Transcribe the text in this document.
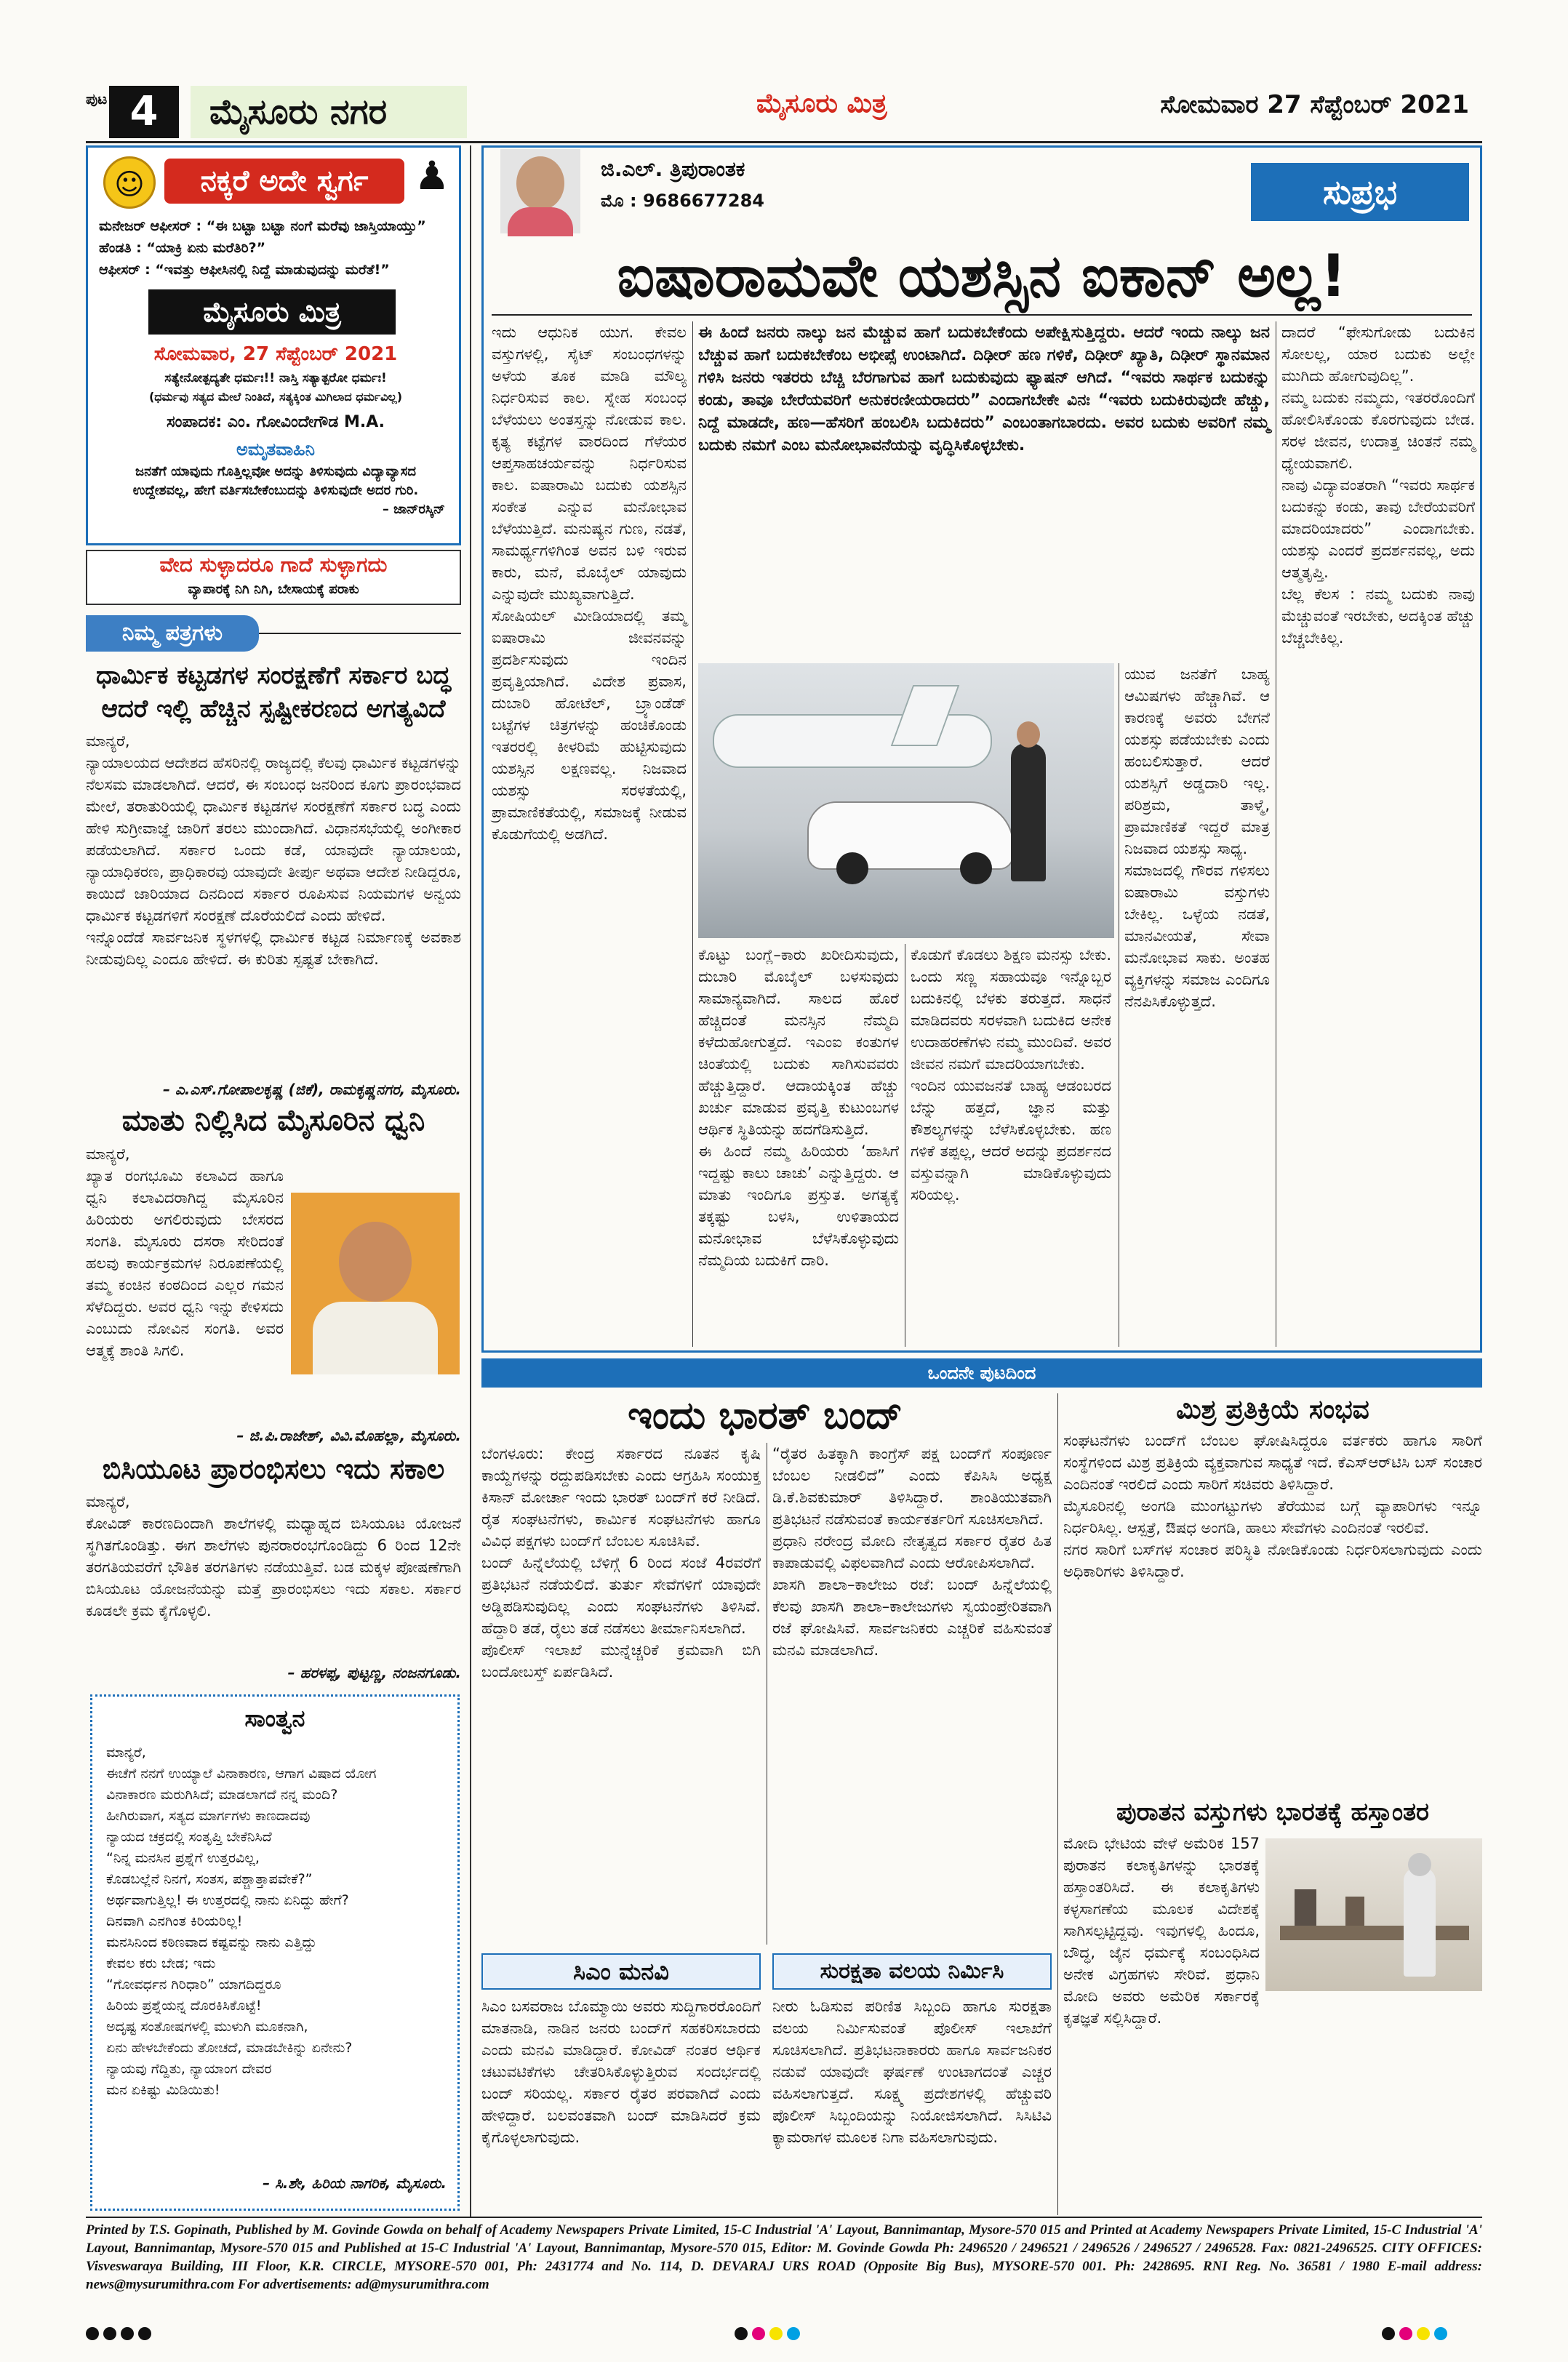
ಪುಟ 4	ಮೈಸೂರು ನಗರ	ಮೈಸೂರು ಮಿತ್ರ	ಸೋಮವಾರ 27 ಸೆಪ್ಟೆಂಬರ್ 2021
☺	ನಕ್ಕರೆ ಅದೇ ಸ್ವರ್ಗ	♟
ಮನೇಜರ್ ಆಫೀಸರ್ : “ಈ ಬಟ್ಟಾ ಬಟ್ಟಾ ನಂಗೆ ಮರೆವು ಜಾಸ್ತಿಯಾಯ್ತು”
ಹೆಂಡತಿ : “ಯಾಕ್ರಿ ಏನು ಮರೆತಿರಿ?”
ಆಫೀಸರ್ : “ಇವತ್ತು ಆಫೀಸಿನಲ್ಲಿ ನಿದ್ದೆ ಮಾಡುವುದನ್ನು ಮರೆತೆ!”
ಮೈಸೂರು ಮಿತ್ರ
ಸೋಮವಾರ, 27 ಸೆಪ್ಟೆಂಬರ್ 2021
ಸತ್ಯೇನೋತ್ಪದ್ಯತೇ ಧರ್ಮಃ!! ನಾಸ್ತಿ ಸತ್ಯಾತ್ಪರೋ ಧರ್ಮಃ!
(ಧರ್ಮವು ಸತ್ಯದ ಮೇಲೆ ನಿಂತಿದೆ, ಸತ್ಯಕ್ಕಿಂತ ಮಿಗಿಲಾದ ಧರ್ಮವಿಲ್ಲ)
ಸಂಪಾದಕ: ಎಂ. ಗೋವಿಂದೇಗೌಡ M.A.
ಅಮೃತವಾಹಿನಿ
ಜನತೆಗೆ ಯಾವುದು ಗೊತ್ತಿಲ್ಲವೋ ಅದನ್ನು ತಿಳಿಸುವುದು ವಿದ್ಯಾವ್ಯಾಸದ ಉದ್ದೇಶವಲ್ಲ, ಹೇಗೆ ವರ್ತಿಸಬೇಕೆಂಬುದನ್ನು ತಿಳಿಸುವುದೇ ಅದರ ಗುರಿ.
– ಜಾನ್‌ರಸ್ಕಿನ್
ವೇದ ಸುಳ್ಳಾದರೂ ಗಾದೆ ಸುಳ್ಳಾಗದು
ವ್ಯಾಪಾರಕ್ಕೆ ನಿಗಿ ನಿಗಿ, ಬೇಸಾಯಕ್ಕೆ ಪರಾಕು
ನಿಮ್ಮ ಪತ್ರಗಳು
ಧಾರ್ಮಿಕ ಕಟ್ಟಡಗಳ ಸಂರಕ್ಷಣೆಗೆ ಸರ್ಕಾರ ಬದ್ಧ ಆದರೆ ಇಲ್ಲಿ ಹೆಚ್ಚಿನ ಸ್ಪಷ್ಟೀಕರಣದ ಅಗತ್ಯವಿದೆ
ಮಾನ್ಯರೆ,
ನ್ಯಾಯಾಲಯದ ಆದೇಶದ ಹೆಸರಿನಲ್ಲಿ ರಾಜ್ಯದಲ್ಲಿ ಕೆಲವು ಧಾರ್ಮಿಕ ಕಟ್ಟಡಗಳನ್ನು ನೆಲಸಮ ಮಾಡಲಾಗಿದೆ. ಆದರೆ, ಈ ಸಂಬಂಧ ಜನರಿಂದ ಕೂಗು ಪ್ರಾರಂಭವಾದ ಮೇಲೆ, ತರಾತುರಿಯಲ್ಲಿ ಧಾರ್ಮಿಕ ಕಟ್ಟಡಗಳ ಸಂರಕ್ಷಣೆಗೆ ಸರ್ಕಾರ ಬದ್ಧ ಎಂದು ಹೇಳಿ ಸುಗ್ರೀವಾಜ್ಞೆ ಜಾರಿಗೆ ತರಲು ಮುಂದಾಗಿದೆ. ವಿಧಾನಸಭೆಯಲ್ಲಿ ಅಂಗೀಕಾರ ಪಡೆಯಲಾಗಿದೆ. ಸರ್ಕಾರ ಒಂದು ಕಡೆ, ಯಾವುದೇ ನ್ಯಾಯಾಲಯ, ನ್ಯಾಯಾಧಿಕರಣ, ಪ್ರಾಧಿಕಾರವು ಯಾವುದೇ ತೀರ್ಪು ಅಥವಾ ಆದೇಶ ನೀಡಿದ್ದರೂ, ಕಾಯಿದೆ ಜಾರಿಯಾದ ದಿನದಿಂದ ಸರ್ಕಾರ ರೂಪಿಸುವ ನಿಯಮಗಳ ಅನ್ವಯ ಧಾರ್ಮಿಕ ಕಟ್ಟಡಗಳಿಗೆ ಸಂರಕ್ಷಣೆ ದೊರೆಯಲಿದೆ ಎಂದು ಹೇಳಿದೆ.
ಇನ್ನೊಂದೆಡೆ ಸಾರ್ವಜನಿಕ ಸ್ಥಳಗಳಲ್ಲಿ ಧಾರ್ಮಿಕ ಕಟ್ಟಡ ನಿರ್ಮಾಣಕ್ಕೆ ಅವಕಾಶ ನೀಡುವುದಿಲ್ಲ ಎಂದೂ ಹೇಳಿದೆ. ಈ ಕುರಿತು ಸ್ಪಷ್ಟತೆ ಬೇಕಾಗಿದೆ.
– ಎ.ಎಸ್.ಗೋಪಾಲಕೃಷ್ಣ (ಜಿಕೆ), ರಾಮಕೃಷ್ಣನಗರ, ಮೈಸೂರು.
ಮಾತು ನಿಲ್ಲಿಸಿದ ಮೈಸೂರಿನ ಧ್ವನಿ
ಮಾನ್ಯರೆ,
ಖ್ಯಾತ ರಂಗಭೂಮಿ ಕಲಾವಿದ ಹಾಗೂ ಧ್ವನಿ ಕಲಾವಿದರಾಗಿದ್ದ ಮೈಸೂರಿನ ಹಿರಿಯರು ಅಗಲಿರುವುದು ಬೇಸರದ ಸಂಗತಿ. ಮೈಸೂರು ದಸರಾ ಸೇರಿದಂತೆ ಹಲವು ಕಾರ್ಯಕ್ರಮಗಳ ನಿರೂಪಣೆಯಲ್ಲಿ ತಮ್ಮ ಕಂಚಿನ ಕಂಠದಿಂದ ಎಲ್ಲರ ಗಮನ ಸೆಳೆದಿದ್ದರು. ಅವರ ಧ್ವನಿ ಇನ್ನು ಕೇಳಿಸದು ಎಂಬುದು ನೋವಿನ ಸಂಗತಿ. ಅವರ ಆತ್ಮಕ್ಕೆ ಶಾಂತಿ ಸಿಗಲಿ.
– ಜಿ.ಪಿ.ರಾಜೇಶ್, ವಿವಿ.ಮೊಹಲ್ಲಾ, ಮೈಸೂರು.
ಬಿಸಿಯೂಟ ಪ್ರಾರಂಭಿಸಲು ಇದು ಸಕಾಲ
ಮಾನ್ಯರೆ,
ಕೋವಿಡ್ ಕಾರಣದಿಂದಾಗಿ ಶಾಲೆಗಳಲ್ಲಿ ಮಧ್ಯಾಹ್ನದ ಬಿಸಿಯೂಟ ಯೋಜನೆ ಸ್ಥಗಿತಗೊಂಡಿತ್ತು. ಈಗ ಶಾಲೆಗಳು ಪುನರಾರಂಭಗೊಂಡಿದ್ದು 6 ರಿಂದ 12ನೇ ತರಗತಿಯವರೆಗೆ ಭೌತಿಕ ತರಗತಿಗಳು ನಡೆಯುತ್ತಿವೆ. ಬಡ ಮಕ್ಕಳ ಪೋಷಣೆಗಾಗಿ ಬಿಸಿಯೂಟ ಯೋಜನೆಯನ್ನು ಮತ್ತೆ ಪ್ರಾರಂಭಿಸಲು ಇದು ಸಕಾಲ. ಸರ್ಕಾರ ಕೂಡಲೇ ಕ್ರಮ ಕೈಗೊಳ್ಳಲಿ.
– ಹರಳಪ್ಪ, ಪುಟ್ಟಣ್ಣ, ನಂಜನಗೂಡು.
ಸಾಂತ್ವನ
ಮಾನ್ಯರೆ,
ಈಚೆಗೆ ನನಗೆ ಉಯ್ಯಾಲೆ ವಿನಾಕಾರಣ, ಆಗಾಗ ವಿಷಾದ ಯೋಗ
ವಿನಾಕಾರಣ ಮರುಗಿಸಿದೆ; ಮಾಡಲಾಗದೆ ನನ್ನ ಮಂದಿ?
ಹೀಗಿರುವಾಗ, ಸತ್ಯದ ಮಾರ್ಗಗಳು ಕಾಣದಾದವು
ನ್ಯಾಯದ ಚಕ್ರದಲ್ಲಿ ಸಂತೃಪ್ತಿ ಬೇಕೆನಿಸಿದೆ
“ನಿನ್ನ ಮನಸಿನ ಪ್ರಶ್ನೆಗೆ ಉತ್ತರವಿಲ್ಲ,
ಕೊಡಬಲ್ಲೆನೆ ನಿನಗೆ, ಸಂತಸ, ಪಶ್ಚಾತ್ತಾಪವೇಕೆ?”
ಅರ್ಥವಾಗುತ್ತಿಲ್ಲ! ಈ ಉತ್ತರದಲ್ಲಿ ನಾನು ಏನಿದ್ದು ಹೇಗೆ?
ದಿನವಾಗಿ ಎನಗಿಂತ ಕಿರಿಯರಿಲ್ಲ!
ಮನಸಿನಿಂದ ಕಠಿಣವಾದ ಕಷ್ಟವನ್ನು ನಾನು ಎತ್ತಿದ್ದು
ಕೇವಲ ಕರು ಬೇಡ; ಇದು
“ಗೋವರ್ಧನ ಗಿರಿಧಾರಿ” ಯಾಗದಿದ್ದರೂ
ಹಿರಿಯ ಪ್ರಶ್ನೆಯನ್ನ ದೊರಕಿಸಿಕೊಟ್ಟೆ!
ಅದೃಷ್ಟ ಸಂತೋಷಗಳಲ್ಲಿ ಮುಳುಗಿ ಮೂಕನಾಗಿ,
ಏನು ಹೇಳಬೇಕೆಂದು ತೋಚದೆ, ಮಾಡಬೇಕಿನ್ನು ಏನೇನು?
ನ್ಯಾಯವು ಗೆದ್ದಿತು, ನ್ಯಾಯಾಂಗ ದೇವರ
ಮನ ಏಕಿಷ್ಟು ಮಿಡಿಯಿತು!
– ಸಿ.ಶೇ, ಹಿರಿಯ ನಾಗರಿಕ, ಮೈಸೂರು.
ಜಿ.ಎಲ್. ತ್ರಿಪುರಾಂತಕ
ಮೊ : 9686677284	ಸುಪ್ರಭ
ಐಷಾರಾಮವೇ ಯಶಸ್ಸಿನ ಐಕಾನ್ ಅಲ್ಲ!
ಇದು ಆಧುನಿಕ ಯುಗ. ಕೇವಲ ವಸ್ತುಗಳಲ್ಲಿ, ಸೈಟ್ ಸಂಬಂಧಗಳನ್ನು ಅಳೆಯ ತೂಕ ಮಾಡಿ ಮೌಲ್ಯ ನಿರ್ಧರಿಸುವ ಕಾಲ. ಸ್ನೇಹ ಸಂಬಂಧ ಬೆಳೆಯಲು ಅಂತಸ್ತನ್ನು ನೋಡುವ ಕಾಲ. ಕೃತ್ಯ ಕಟ್ಟೆಗಳ ವಾರದಿಂದ ಗೆಳೆಯರ ಆಪ್ತಸಾಹಚರ್ಯವನ್ನು ನಿರ್ಧರಿಸುವ ಕಾಲ. ಐಷಾರಾಮಿ ಬದುಕು ಯಶಸ್ಸಿನ ಸಂಕೇತ ಎನ್ನುವ ಮನೋಭಾವ ಬೆಳೆಯುತ್ತಿದೆ. ಮನುಷ್ಯನ ಗುಣ, ನಡತೆ, ಸಾಮರ್ಥ್ಯಗಳಿಗಿಂತ ಅವನ ಬಳಿ ಇರುವ ಕಾರು, ಮನೆ, ಮೊಬೈಲ್ ಯಾವುದು ಎನ್ನುವುದೇ ಮುಖ್ಯವಾಗುತ್ತಿದೆ.
ಸೋಷಿಯಲ್ ಮೀಡಿಯಾದಲ್ಲಿ ತಮ್ಮ ಐಷಾರಾಮಿ ಜೀವನವನ್ನು ಪ್ರದರ್ಶಿಸುವುದು ಇಂದಿನ ಪ್ರವೃತ್ತಿಯಾಗಿದೆ. ವಿದೇಶ ಪ್ರವಾಸ, ದುಬಾರಿ ಹೋಟೆಲ್, ಬ್ರ್ಯಾಂಡೆಡ್ ಬಟ್ಟೆಗಳ ಚಿತ್ರಗಳನ್ನು ಹಂಚಿಕೊಂಡು ಇತರರಲ್ಲಿ ಕೀಳರಿಮೆ ಹುಟ್ಟಿಸುವುದು ಯಶಸ್ಸಿನ ಲಕ್ಷಣವಲ್ಲ. ನಿಜವಾದ ಯಶಸ್ಸು ಸರಳತೆಯಲ್ಲಿ, ಪ್ರಾಮಾಣಿಕತೆಯಲ್ಲಿ, ಸಮಾಜಕ್ಕೆ ನೀಡುವ ಕೊಡುಗೆಯಲ್ಲಿ ಅಡಗಿದೆ.
ಈ ಹಿಂದೆ ಜನರು ನಾಲ್ಕು ಜನ ಮೆಚ್ಚುವ ಹಾಗೆ ಬದುಕಬೇಕೆಂದು ಅಪೇಕ್ಷಿಸುತ್ತಿದ್ದರು. ಆದರೆ ಇಂದು ನಾಲ್ಕು ಜನ ಬೆಚ್ಚುವ ಹಾಗೆ ಬದುಕಬೇಕೆಂಬ ಅಭೀಪ್ಸೆ ಉಂಟಾಗಿದೆ. ದಿಢೀರ್ ಹಣ ಗಳಿಕೆ, ದಿಢೀರ್ ಖ್ಯಾತಿ, ದಿಢೀರ್ ಸ್ಥಾನಮಾನ ಗಳಿಸಿ ಜನರು ಇತರರು ಬೆಚ್ಚಿ ಬೆರಗಾಗುವ ಹಾಗೆ ಬದುಕುವುದು ಫ್ಯಾಷನ್ ಆಗಿದೆ. “ಇವರು ಸಾರ್ಥಕ ಬದುಕನ್ನು ಕಂಡು, ತಾವೂ ಬೇರೆಯವರಿಗೆ ಅನುಕರಣೀಯರಾದರು” ಎಂದಾಗಬೇಕೇ ವಿನಃ “ಇವರು ಬದುಕಿರುವುದೇ ಹೆಚ್ಚು, ನಿದ್ದೆ ಮಾಡದೇ, ಹಣ—ಹೆಸರಿಗೆ ಹಂಬಲಿಸಿ ಬದುಕಿದರು” ಎಂಬಂತಾಗಬಾರದು. ಅವರ ಬದುಕು ಅವರಿಗೆ ನಮ್ಮ ಬದುಕು ನಮಗೆ ಎಂಬ ಮನೋಭಾವನೆಯನ್ನು ವೃದ್ಧಿಸಿಕೊಳ್ಳಬೇಕು.
ಕೊಟ್ಟು ಬಂಗ್ಲೆ–ಕಾರು ಖರೀದಿಸುವುದು, ದುಬಾರಿ ಮೊಬೈಲ್ ಬಳಸುವುದು ಸಾಮಾನ್ಯವಾಗಿದೆ. ಸಾಲದ ಹೊರೆ ಹೆಚ್ಚಿದಂತೆ ಮನಸ್ಸಿನ ನೆಮ್ಮದಿ ಕಳೆದುಹೋಗುತ್ತದೆ. ಇಎಂಐ ಕಂತುಗಳ ಚಿಂತೆಯಲ್ಲಿ ಬದುಕು ಸಾಗಿಸುವವರು ಹೆಚ್ಚುತ್ತಿದ್ದಾರೆ. ಆದಾಯಕ್ಕಿಂತ ಹೆಚ್ಚು ಖರ್ಚು ಮಾಡುವ ಪ್ರವೃತ್ತಿ ಕುಟುಂಬಗಳ ಆರ್ಥಿಕ ಸ್ಥಿತಿಯನ್ನು ಹದಗೆಡಿಸುತ್ತಿದೆ.
ಈ ಹಿಂದೆ ನಮ್ಮ ಹಿರಿಯರು ‘ಹಾಸಿಗೆ ಇದ್ದಷ್ಟು ಕಾಲು ಚಾಚು’ ಎನ್ನುತ್ತಿದ್ದರು. ಆ ಮಾತು ಇಂದಿಗೂ ಪ್ರಸ್ತುತ. ಅಗತ್ಯಕ್ಕೆ ತಕ್ಕಷ್ಟು ಬಳಸಿ, ಉಳಿತಾಯದ ಮನೋಭಾವ ಬೆಳೆಸಿಕೊಳ್ಳುವುದು ನೆಮ್ಮದಿಯ ಬದುಕಿಗೆ ದಾರಿ.
ಕೊಡುಗೆ ಕೊಡಲು ಶಿಕ್ಷಣ ಮನಸ್ಸು ಬೇಕು. ಒಂದು ಸಣ್ಣ ಸಹಾಯವೂ ಇನ್ನೊಬ್ಬರ ಬದುಕಿನಲ್ಲಿ ಬೆಳಕು ತರುತ್ತದೆ. ಸಾಧನೆ ಮಾಡಿದವರು ಸರಳವಾಗಿ ಬದುಕಿದ ಅನೇಕ ಉದಾಹರಣೆಗಳು ನಮ್ಮ ಮುಂದಿವೆ. ಅವರ ಜೀವನ ನಮಗೆ ಮಾದರಿಯಾಗಬೇಕು.
ಇಂದಿನ ಯುವಜನತೆ ಬಾಹ್ಯ ಆಡಂಬರದ ಬೆನ್ನು ಹತ್ತದೆ, ಜ್ಞಾನ ಮತ್ತು ಕೌಶಲ್ಯಗಳನ್ನು ಬೆಳೆಸಿಕೊಳ್ಳಬೇಕು. ಹಣ ಗಳಿಕೆ ತಪ್ಪಲ್ಲ, ಆದರೆ ಅದನ್ನು ಪ್ರದರ್ಶನದ ವಸ್ತುವನ್ನಾಗಿ ಮಾಡಿಕೊಳ್ಳುವುದು ಸರಿಯಲ್ಲ.
ಯುವ ಜನತೆಗೆ ಬಾಹ್ಯ ಆಮಿಷಗಳು ಹೆಚ್ಚಾಗಿವೆ. ಆ ಕಾರಣಕ್ಕೆ ಅವರು ಬೇಗನೆ ಯಶಸ್ಸು ಪಡೆಯಬೇಕು ಎಂದು ಹಂಬಲಿಸುತ್ತಾರೆ. ಆದರೆ ಯಶಸ್ಸಿಗೆ ಅಡ್ಡದಾರಿ ಇಲ್ಲ. ಪರಿಶ್ರಮ, ತಾಳ್ಮೆ, ಪ್ರಾಮಾಣಿಕತೆ ಇದ್ದರೆ ಮಾತ್ರ ನಿಜವಾದ ಯಶಸ್ಸು ಸಾಧ್ಯ.
ಸಮಾಜದಲ್ಲಿ ಗೌರವ ಗಳಿಸಲು ಐಷಾರಾಮಿ ವಸ್ತುಗಳು ಬೇಕಿಲ್ಲ. ಒಳ್ಳೆಯ ನಡತೆ, ಮಾನವೀಯತೆ, ಸೇವಾ ಮನೋಭಾವ ಸಾಕು. ಅಂತಹ ವ್ಯಕ್ತಿಗಳನ್ನು ಸಮಾಜ ಎಂದಿಗೂ ನೆನಪಿಸಿಕೊಳ್ಳುತ್ತದೆ.
ದಾದರೆ “ಫೇಸುಗೋಡು ಬದುಕಿನ ಸೋಲಲ್ಲ, ಯಾರ ಬದುಕು ಅಲ್ಲೇ ಮುಗಿದು ಹೋಗುವುದಿಲ್ಲ”.
ನಮ್ಮ ಬದುಕು ನಮ್ಮದು, ಇತರರೊಂದಿಗೆ ಹೋಲಿಸಿಕೊಂಡು ಕೊರಗುವುದು ಬೇಡ. ಸರಳ ಜೀವನ, ಉದಾತ್ತ ಚಿಂತನೆ ನಮ್ಮ ಧ್ಯೇಯವಾಗಲಿ.
ನಾವು ವಿದ್ಯಾವಂತರಾಗಿ “ಇವರು ಸಾರ್ಥಕ ಬದುಕನ್ನು ಕಂಡು, ತಾವು ಬೇರೆಯವರಿಗೆ ಮಾದರಿಯಾದರು” ಎಂದಾಗಬೇಕು. ಯಶಸ್ಸು ಎಂದರೆ ಪ್ರದರ್ಶನವಲ್ಲ, ಅದು ಆತ್ಮತೃಪ್ತಿ.
ಬೆಲ್ಲ ಕೆಲಸ : ನಮ್ಮ ಬದುಕು ನಾವು ಮೆಚ್ಚುವಂತೆ ಇರಬೇಕು, ಅದಕ್ಕಿಂತ ಹೆಚ್ಚು ಬೆಚ್ಚಬೇಕಿಲ್ಲ.
ಒಂದನೇ ಪುಟದಿಂದ
ಇಂದು ಭಾರತ್ ಬಂದ್
ಬೆಂಗಳೂರು: ಕೇಂದ್ರ ಸರ್ಕಾರದ ನೂತನ ಕೃಷಿ ಕಾಯ್ದೆಗಳನ್ನು ರದ್ದುಪಡಿಸಬೇಕು ಎಂದು ಆಗ್ರಹಿಸಿ ಸಂಯುಕ್ತ ಕಿಸಾನ್ ಮೋರ್ಚಾ ಇಂದು ಭಾರತ್ ಬಂದ್‌ಗೆ ಕರೆ ನೀಡಿದೆ. ರೈತ ಸಂಘಟನೆಗಳು, ಕಾರ್ಮಿಕ ಸಂಘಟನೆಗಳು ಹಾಗೂ ವಿವಿಧ ಪಕ್ಷಗಳು ಬಂದ್‌ಗೆ ಬೆಂಬಲ ಸೂಚಿಸಿವೆ.
ಬಂದ್ ಹಿನ್ನೆಲೆಯಲ್ಲಿ ಬೆಳಿಗ್ಗೆ 6 ರಿಂದ ಸಂಜೆ 4ರವರೆಗೆ ಪ್ರತಿಭಟನೆ ನಡೆಯಲಿದೆ. ತುರ್ತು ಸೇವೆಗಳಿಗೆ ಯಾವುದೇ ಅಡ್ಡಿಪಡಿಸುವುದಿಲ್ಲ ಎಂದು ಸಂಘಟನೆಗಳು ತಿಳಿಸಿವೆ. ಹೆದ್ದಾರಿ ತಡೆ, ರೈಲು ತಡೆ ನಡೆಸಲು ತೀರ್ಮಾನಿಸಲಾಗಿದೆ.
ಪೊಲೀಸ್ ಇಲಾಖೆ ಮುನ್ನೆಚ್ಚರಿಕೆ ಕ್ರಮವಾಗಿ ಬಿಗಿ ಬಂದೋಬಸ್ತ್ ಏರ್ಪಡಿಸಿದೆ.
“ರೈತರ ಹಿತಕ್ಕಾಗಿ ಕಾಂಗ್ರೆಸ್ ಪಕ್ಷ ಬಂದ್‌ಗೆ ಸಂಪೂರ್ಣ ಬೆಂಬಲ ನೀಡಲಿದೆ” ಎಂದು ಕೆಪಿಸಿಸಿ ಅಧ್ಯಕ್ಷ ಡಿ.ಕೆ.ಶಿವಕುಮಾರ್ ತಿಳಿಸಿದ್ದಾರೆ. ಶಾಂತಿಯುತವಾಗಿ ಪ್ರತಿಭಟನೆ ನಡೆಸುವಂತೆ ಕಾರ್ಯಕರ್ತರಿಗೆ ಸೂಚಿಸಲಾಗಿದೆ.
ಪ್ರಧಾನಿ ನರೇಂದ್ರ ಮೋದಿ ನೇತೃತ್ವದ ಸರ್ಕಾರ ರೈತರ ಹಿತ ಕಾಪಾಡುವಲ್ಲಿ ವಿಫಲವಾಗಿದೆ ಎಂದು ಆರೋಪಿಸಲಾಗಿದೆ.
ಖಾಸಗಿ ಶಾಲಾ–ಕಾಲೇಜು ರಜೆ: ಬಂದ್ ಹಿನ್ನೆಲೆಯಲ್ಲಿ ಕೆಲವು ಖಾಸಗಿ ಶಾಲಾ–ಕಾಲೇಜುಗಳು ಸ್ವಯಂಪ್ರೇರಿತವಾಗಿ ರಜೆ ಘೋಷಿಸಿವೆ. ಸಾರ್ವಜನಿಕರು ಎಚ್ಚರಿಕೆ ವಹಿಸುವಂತೆ ಮನವಿ ಮಾಡಲಾಗಿದೆ.
ಮಿಶ್ರ ಪ್ರತಿಕ್ರಿಯೆ ಸಂಭವ
ಸಂಘಟನೆಗಳು ಬಂದ್‌ಗೆ ಬೆಂಬಲ ಘೋಷಿಸಿದ್ದರೂ ವರ್ತಕರು ಹಾಗೂ ಸಾರಿಗೆ ಸಂಸ್ಥೆಗಳಿಂದ ಮಿಶ್ರ ಪ್ರತಿಕ್ರಿಯೆ ವ್ಯಕ್ತವಾಗುವ ಸಾಧ್ಯತೆ ಇದೆ. ಕೆಎಸ್‌ಆರ್‌ಟಿಸಿ ಬಸ್ ಸಂಚಾರ ಎಂದಿನಂತೆ ಇರಲಿದೆ ಎಂದು ಸಾರಿಗೆ ಸಚಿವರು ತಿಳಿಸಿದ್ದಾರೆ.
ಮೈಸೂರಿನಲ್ಲಿ ಅಂಗಡಿ ಮುಂಗಟ್ಟುಗಳು ತೆರೆಯುವ ಬಗ್ಗೆ ವ್ಯಾಪಾರಿಗಳು ಇನ್ನೂ ನಿರ್ಧರಿಸಿಲ್ಲ. ಆಸ್ಪತ್ರೆ, ಔಷಧ ಅಂಗಡಿ, ಹಾಲು ಸೇವೆಗಳು ಎಂದಿನಂತೆ ಇರಲಿವೆ.
ನಗರ ಸಾರಿಗೆ ಬಸ್‌ಗಳ ಸಂಚಾರ ಪರಿಸ್ಥಿತಿ ನೋಡಿಕೊಂಡು ನಿರ್ಧರಿಸಲಾಗುವುದು ಎಂದು ಅಧಿಕಾರಿಗಳು ತಿಳಿಸಿದ್ದಾರೆ.
ಪುರಾತನ ವಸ್ತುಗಳು ಭಾರತಕ್ಕೆ ಹಸ್ತಾಂತರ
ಮೋದಿ ಭೇಟಿಯ ವೇಳೆ ಅಮೆರಿಕ 157 ಪುರಾತನ ಕಲಾಕೃತಿಗಳನ್ನು ಭಾರತಕ್ಕೆ ಹಸ್ತಾಂತರಿಸಿದೆ. ಈ ಕಲಾಕೃತಿಗಳು ಕಳ್ಳಸಾಗಣೆಯ ಮೂಲಕ ವಿದೇಶಕ್ಕೆ ಸಾಗಿಸಲ್ಪಟ್ಟಿದ್ದವು. ಇವುಗಳಲ್ಲಿ ಹಿಂದೂ, ಬೌದ್ಧ, ಜೈನ ಧರ್ಮಕ್ಕೆ ಸಂಬಂಧಿಸಿದ ಅನೇಕ ವಿಗ್ರಹಗಳು ಸೇರಿವೆ. ಪ್ರಧಾನಿ ಮೋದಿ ಅವರು ಅಮೆರಿಕ ಸರ್ಕಾರಕ್ಕೆ ಕೃತಜ್ಞತೆ ಸಲ್ಲಿಸಿದ್ದಾರೆ.
ಸಿಎಂ ಮನವಿ
ಸಿಎಂ ಬಸವರಾಜ ಬೊಮ್ಮಾಯಿ ಅವರು ಸುದ್ದಿಗಾರರೊಂದಿಗೆ ಮಾತನಾಡಿ, ನಾಡಿನ ಜನರು ಬಂದ್‌ಗೆ ಸಹಕರಿಸಬಾರದು ಎಂದು ಮನವಿ ಮಾಡಿದ್ದಾರೆ. ಕೋವಿಡ್ ನಂತರ ಆರ್ಥಿಕ ಚಟುವಟಿಕೆಗಳು ಚೇತರಿಸಿಕೊಳ್ಳುತ್ತಿರುವ ಸಂದರ್ಭದಲ್ಲಿ ಬಂದ್ ಸರಿಯಲ್ಲ. ಸರ್ಕಾರ ರೈತರ ಪರವಾಗಿದೆ ಎಂದು ಹೇಳಿದ್ದಾರೆ. ಬಲವಂತವಾಗಿ ಬಂದ್ ಮಾಡಿಸಿದರೆ ಕ್ರಮ ಕೈಗೊಳ್ಳಲಾಗುವುದು.
ಸುರಕ್ಷತಾ ವಲಯ ನಿರ್ಮಿಸಿ
ನೀರು ಓಡಿಸುವ ಪರಿಣಿತ ಸಿಬ್ಬಂದಿ ಹಾಗೂ ಸುರಕ್ಷತಾ ವಲಯ ನಿರ್ಮಿಸುವಂತೆ ಪೊಲೀಸ್ ಇಲಾಖೆಗೆ ಸೂಚಿಸಲಾಗಿದೆ. ಪ್ರತಿಭಟನಾಕಾರರು ಹಾಗೂ ಸಾರ್ವಜನಿಕರ ನಡುವೆ ಯಾವುದೇ ಘರ್ಷಣೆ ಉಂಟಾಗದಂತೆ ಎಚ್ಚರ ವಹಿಸಲಾಗುತ್ತದೆ. ಸೂಕ್ಷ್ಮ ಪ್ರದೇಶಗಳಲ್ಲಿ ಹೆಚ್ಚುವರಿ ಪೊಲೀಸ್ ಸಿಬ್ಬಂದಿಯನ್ನು ನಿಯೋಜಿಸಲಾಗಿದೆ. ಸಿಸಿಟಿವಿ ಕ್ಯಾಮರಾಗಳ ಮೂಲಕ ನಿಗಾ ವಹಿಸಲಾಗುವುದು.
Printed by T.S. Gopinath, Published by M. Govinde Gowda on behalf of Academy Newspapers Private Limited, 15-C Industrial 'A' Layout, Bannimantap, Mysore-570 015 and Printed at Academy Newspapers Private Limited, 15-C Industrial 'A' Layout, Bannimantap, Mysore-570 015 and Published at 15-C Industrial 'A' Layout, Bannimantap, Mysore-570 015, Editor: M. Govinde Gowda Ph: 2496520 / 2496521 / 2496526 / 2496527 / 2496528. Fax: 0821-2496525. CITY OFFICES: Visveswaraya Building, III Floor, K.R. CIRCLE, MYSORE-570 001, Ph: 2431774 and No. 114, D. DEVARAJ URS ROAD (Opposite Big Bus), MYSORE-570 001. Ph: 2428695. RNI Reg. No. 36581 / 1980 E-mail address: news@mysurumithra.com For advertisements: ad@mysurumithra.com
